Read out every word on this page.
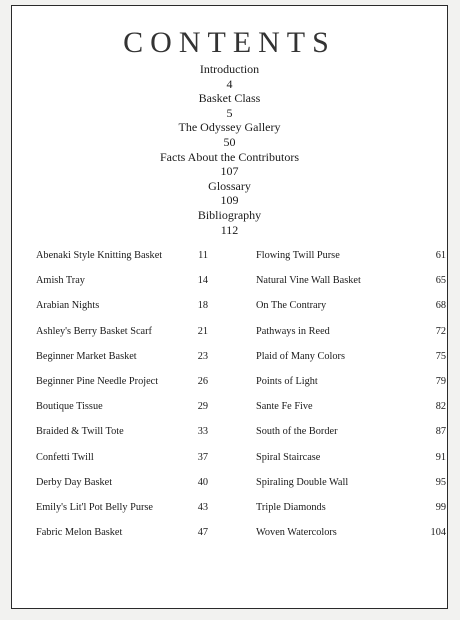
CONTENTS
Introduction
4
Basket Class
5
The Odyssey Gallery
50
Facts About the Contributors
107
Glossary
109
Bibliography
112
Abenaki Style Knitting Basket	11
Amish Tray	14
Arabian Nights	18
Ashley's Berry Basket Scarf	21
Beginner Market Basket	23
Beginner Pine Needle Project	26
Boutique Tissue	29
Braided & Twill Tote	33
Confetti Twill	37
Derby Day Basket	40
Emily's Lit'l Pot Belly Purse	43
Fabric Melon Basket	47
Flowing Twill Purse	61
Natural Vine Wall Basket	65
On The Contrary	68
Pathways in Reed	72
Plaid of Many Colors	75
Points of Light	79
Sante Fe Five	82
South of the Border	87
Spiral Staircase	91
Spiraling Double Wall	95
Triple Diamonds	99
Woven Watercolors	104
